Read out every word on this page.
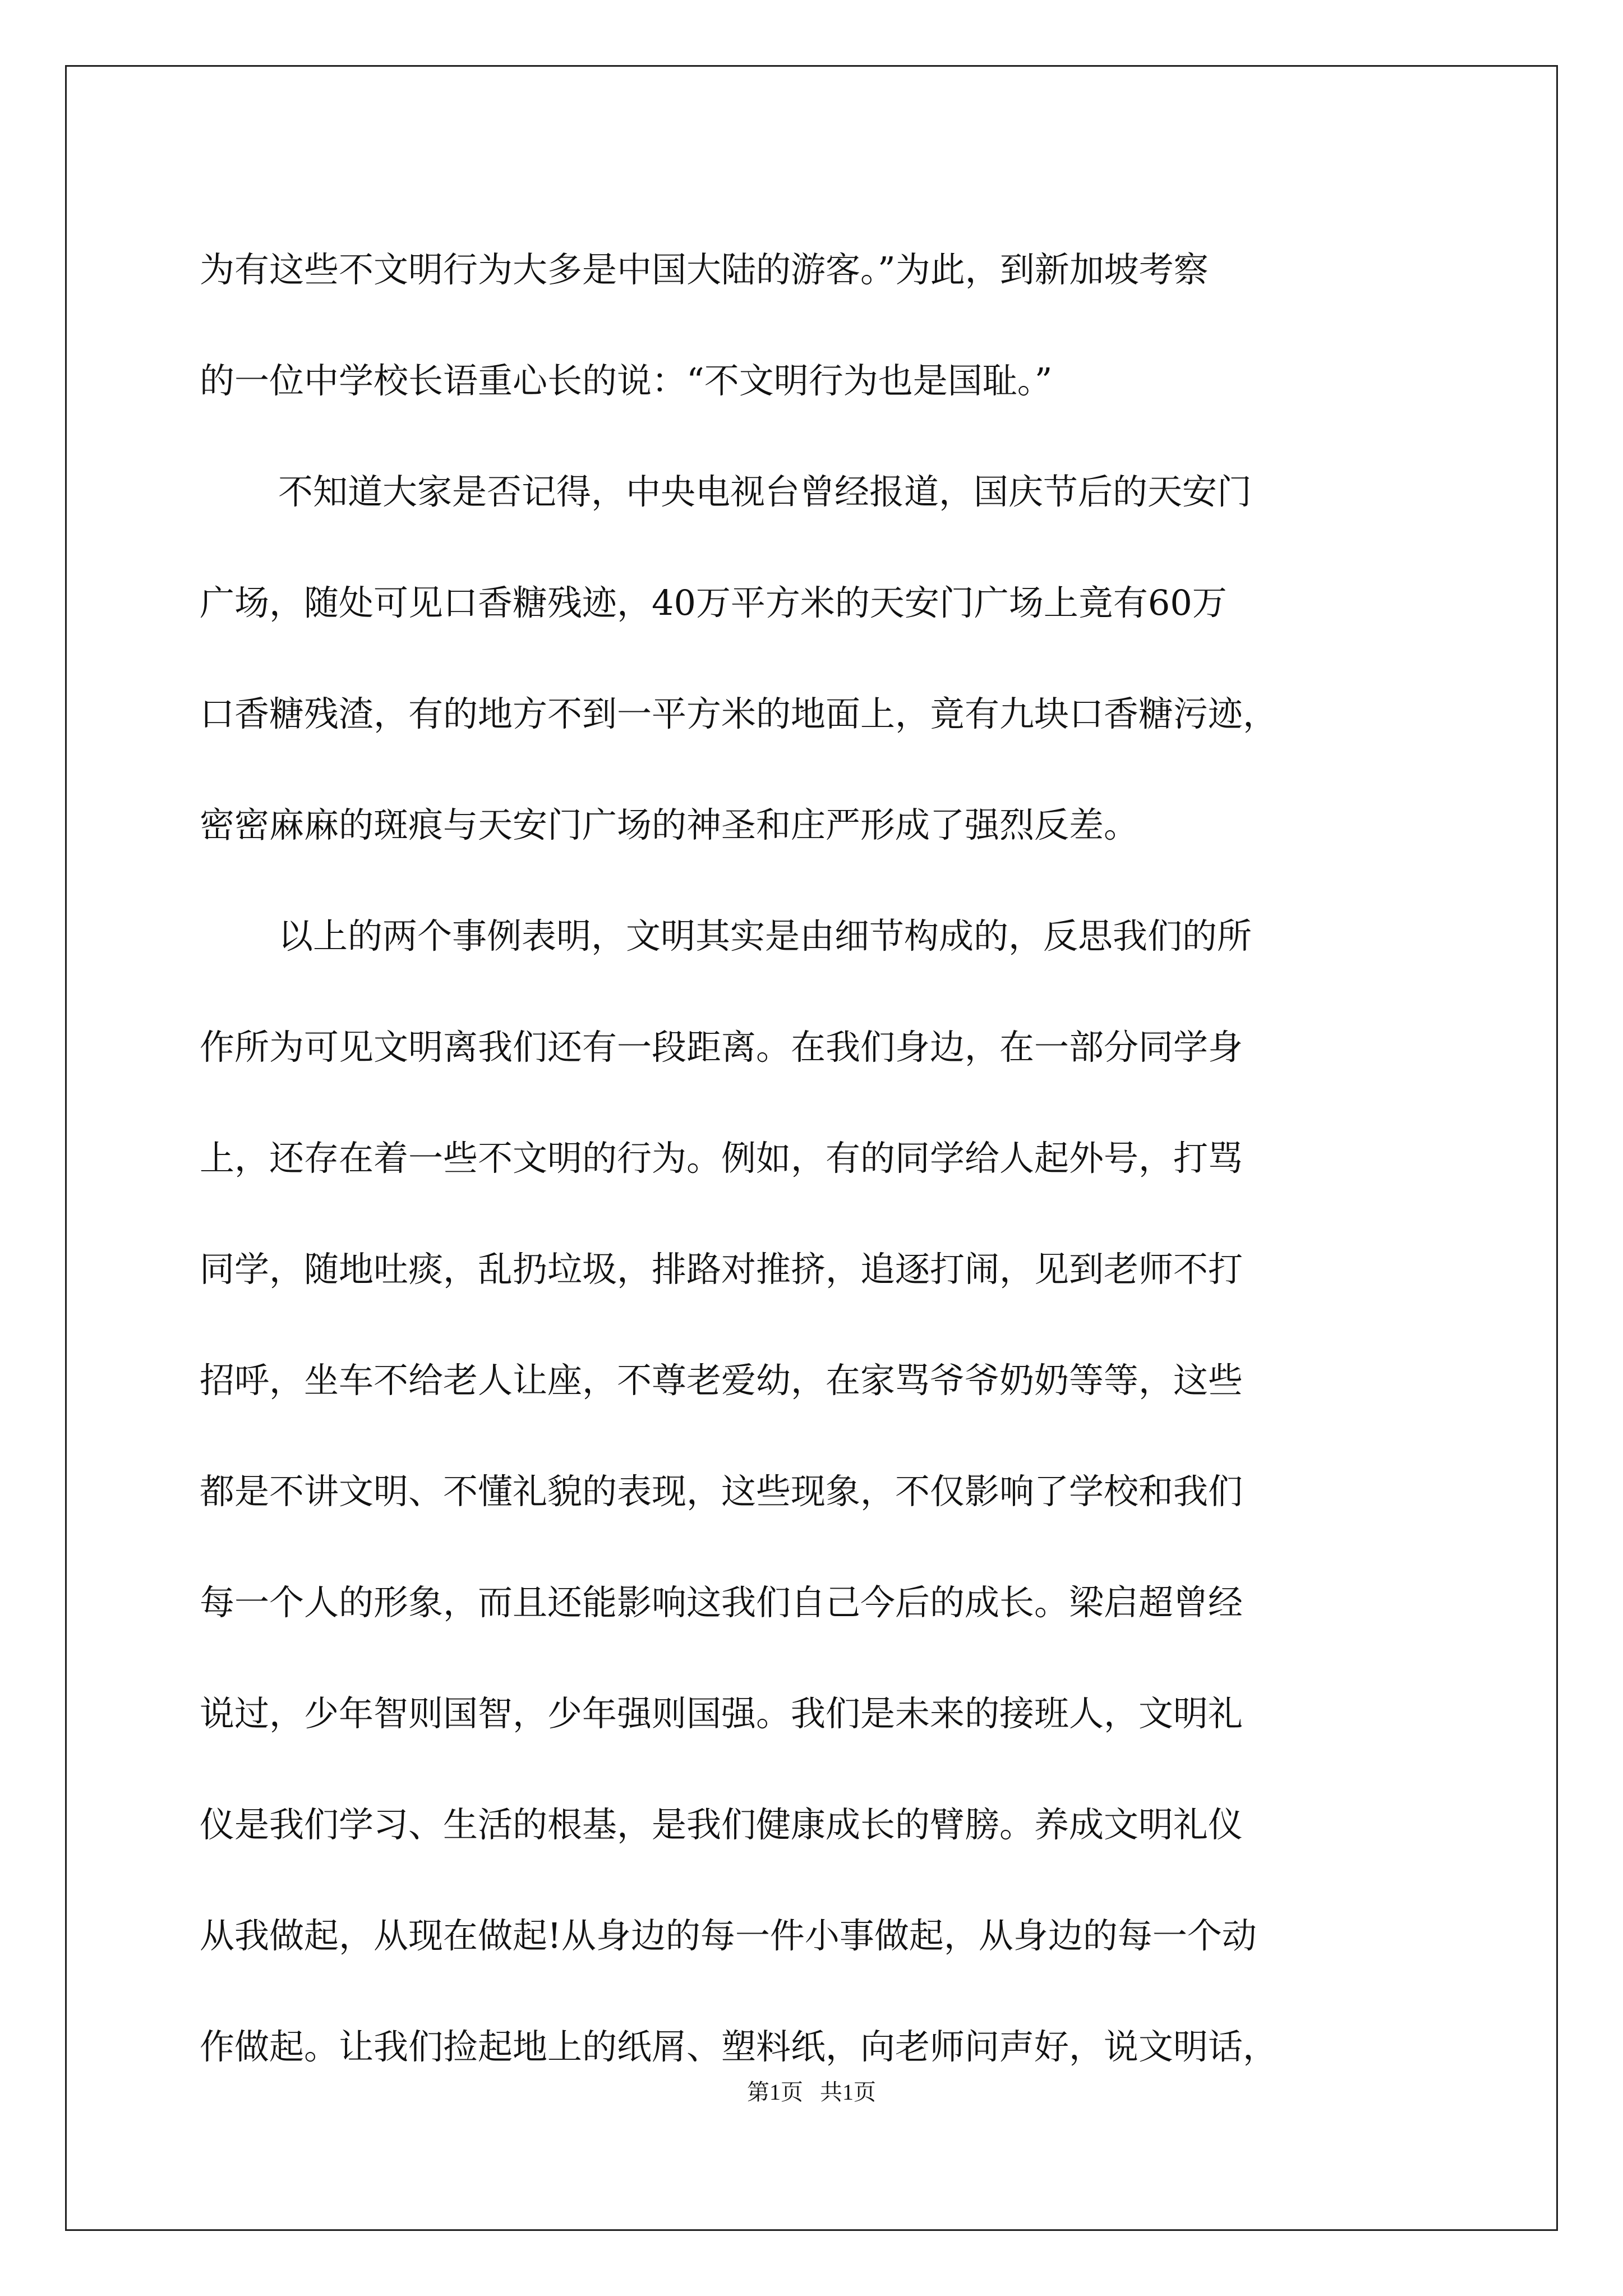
为有这些不文明行为大多是中国大陆的游客。”为此，到新加坡考察
的一位中学校长语重心长的说：“不文明行为也是国耻。”
不知道大家是否记得，中央电视台曾经报道，国庆节后的天安门
广场，随处可见口香糖残迹，40万平方米的天安门广场上竟有60万
口香糖残渣，有的地方不到一平方米的地面上，竟有九块口香糖污迹，
密密麻麻的斑痕与天安门广场的神圣和庄严形成了强烈反差。
以上的两个事例表明，文明其实是由细节构成的，反思我们的所
作所为可见文明离我们还有一段距离。在我们身边，在一部分同学身
上，还存在着一些不文明的行为。例如，有的同学给人起外号，打骂
同学，随地吐痰，乱扔垃圾，排路对推挤，追逐打闹，见到老师不打
招呼，坐车不给老人让座，不尊老爱幼，在家骂爷爷奶奶等等，这些
都是不讲文明、不懂礼貌的表现，这些现象，不仅影响了学校和我们
每一个人的形象，而且还能影响这我们自己今后的成长。梁启超曾经
说过，少年智则国智，少年强则国强。我们是未来的接班人，文明礼
仪是我们学习、生活的根基，是我们健康成长的臂膀。养成文明礼仪
从我做起，从现在做起!从身边的每一件小事做起，从身边的每一个动
作做起。让我们捡起地上的纸屑、塑料纸，向老师问声好，说文明话，
第1页 共1页
